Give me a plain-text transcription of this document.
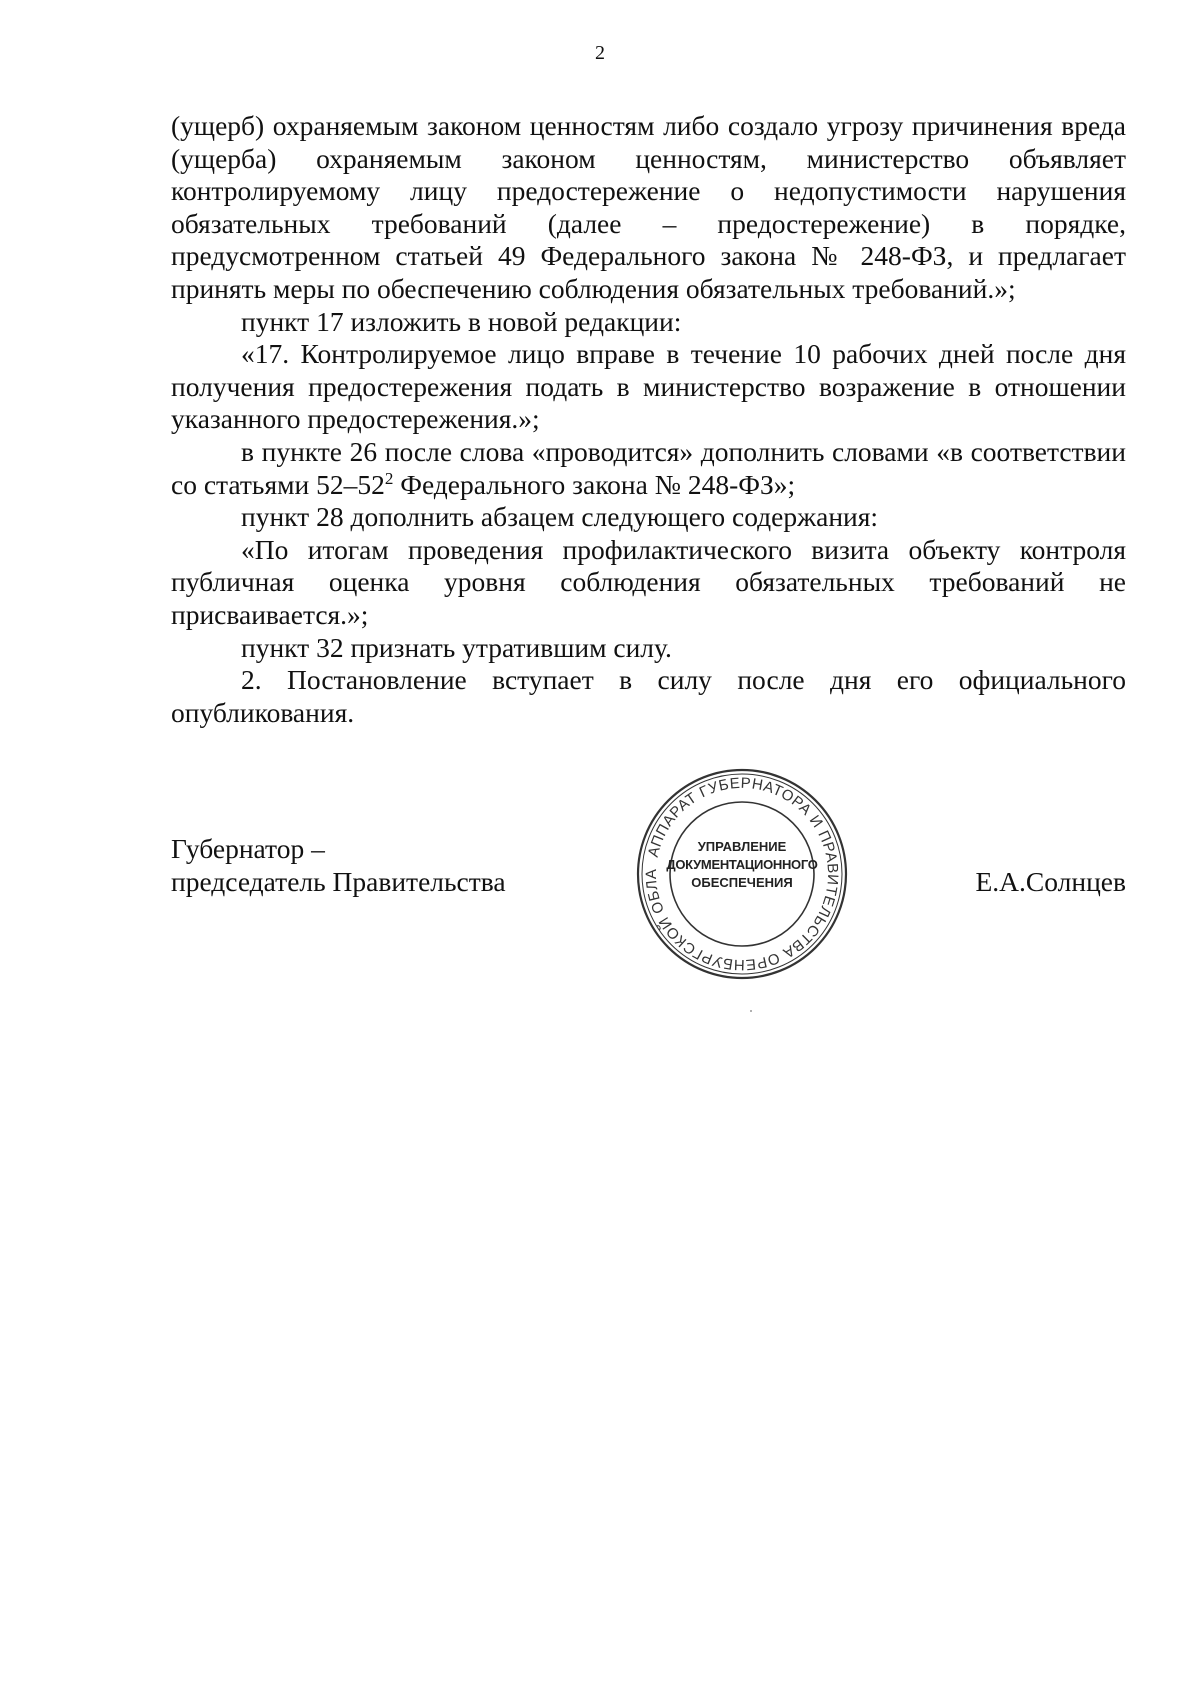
2

(ущерб) охраняемым законом ценностям либо создало угрозу причинения вреда (ущерба) охраняемым законом ценностям, министерство объявляет контролируемому лицу предостережение о недопустимости нарушения обязательных требований (далее – предостережение) в порядке, предусмотренном статьей 49 Федерального закона № 248-ФЗ, и предлагает принять меры по обеспечению соблюдения обязательных требований.»;

пункт 17 изложить в новой редакции:

«17. Контролируемое лицо вправе в течение 10 рабочих дней после дня получения предостережения подать в министерство возражение в отношении указанного предостережения.»;

в пункте 26 после слова «проводится» дополнить словами «в соответствии со статьями $52-52^2$ Федерального закона № 248-ФЗ»;

пункт 28 дополнить абзацем следующего содержания:

«По итогам проведения профилактического визита объекту контроля публичная оценка уровня соблюдения обязательных требований не присваивается.»;

пункт 32 признать утратившим силу.

2. Постановление вступает в силу после дня его официального опубликования.

Губернатор –
председатель Правительства
АППАРАТ ГУБЕРНАТОРА И ПРАВИТЕЛЬСТВА ОРЕНБУРГСКОЙ ОБЛА
УПРАВЛЕНИЕ
ДОКУМЕНТАЦИОННОГО
ОБЕСПЕЧЕНИЯ	Е.А.Солнцев
